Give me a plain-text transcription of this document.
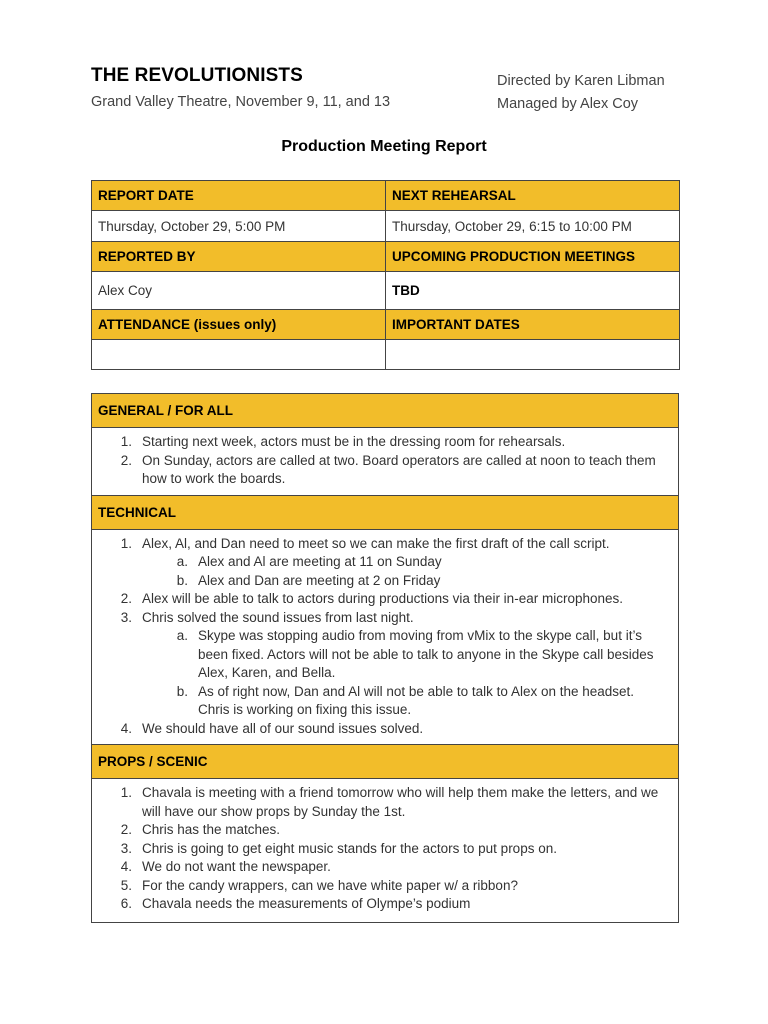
THE REVOLUTIONISTS
Grand Valley Theatre, November 9, 11, and 13
Directed by Karen Libman
Managed by Alex Coy
Production Meeting Report
REPORT DATE	NEXT REHEARSAL
Thursday, October 29, 5:00 PM	Thursday, October 29, 6:15 to 10:00 PM
REPORTED BY	UPCOMING PRODUCTION MEETINGS
Alex Coy	TBD
ATTENDANCE (issues only)	IMPORTANT DATES

GENERAL / FOR ALL
1. Starting next week, actors must be in the dressing room for rehearsals.
2. On Sunday, actors are called at two. Board operators are called at noon to teach them how to work the boards.
TECHNICAL
1. Alex, Al, and Dan need to meet so we can make the first draft of the call script.
a. Alex and Al are meeting at 11 on Sunday
b. Alex and Dan are meeting at 2 on Friday
2. Alex will be able to talk to actors during productions via their in-ear microphones.
3. Chris solved the sound issues from last night.
a. Skype was stopping audio from moving from vMix to the skype call, but it’s been fixed. Actors will not be able to talk to anyone in the Skype call besides Alex, Karen, and Bella.
b. As of right now, Dan and Al will not be able to talk to Alex on the headset. Chris is working on fixing this issue.
4. We should have all of our sound issues solved.
PROPS / SCENIC
1. Chavala is meeting with a friend tomorrow who will help them make the letters, and we will have our show props by Sunday the 1st.
2. Chris has the matches.
3. Chris is going to get eight music stands for the actors to put props on.
4. We do not want the newspaper.
5. For the candy wrappers, can we have white paper w/ a ribbon?
6. Chavala needs the measurements of Olympe’s podium
